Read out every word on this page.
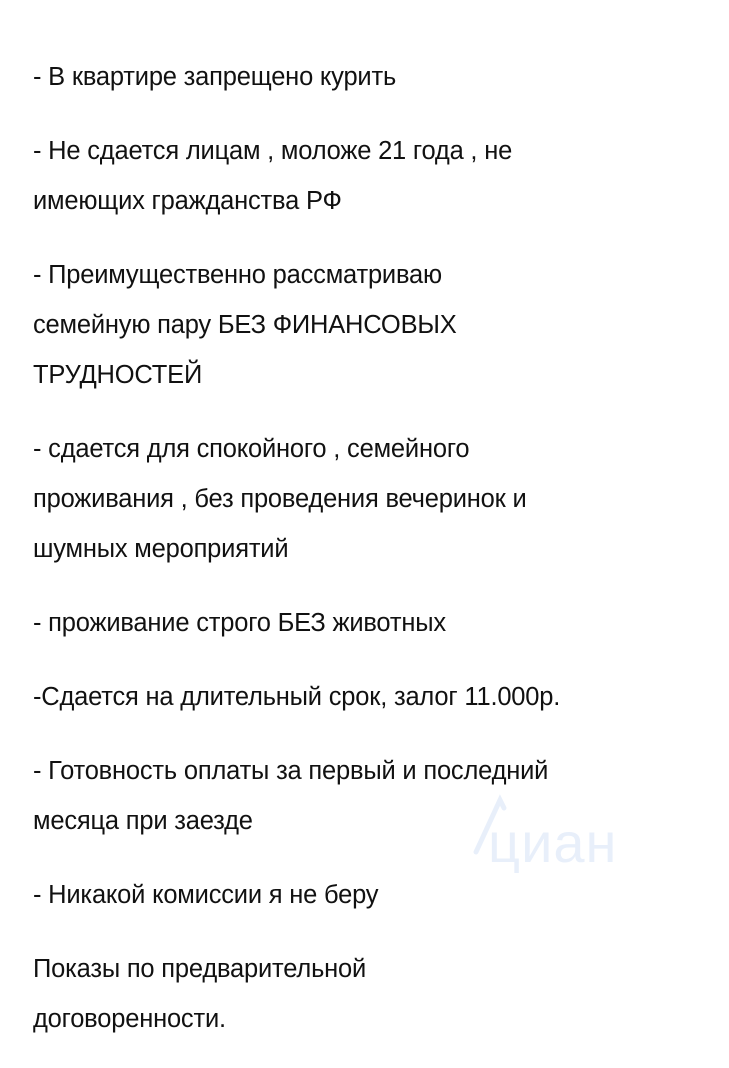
- В квартире запрещено курить

- Не сдается лицам , моложе 21 года , не
имеющих гражданства РФ

- Преимущественно рассматриваю
семейную пару БЕЗ ФИНАНСОВЫХ
ТРУДНОСТЕЙ

- сдается для спокойного , семейного
проживания , без проведения вечеринок и
шумных мероприятий

- проживание строго БЕЗ животных

-Сдается на длительный срок, залог 11.000р.

- Готовность оплаты за первый и последний
месяца при заезде

- Никакой комиссии я не беру

Показы по предварительной
договоренности.

циан
